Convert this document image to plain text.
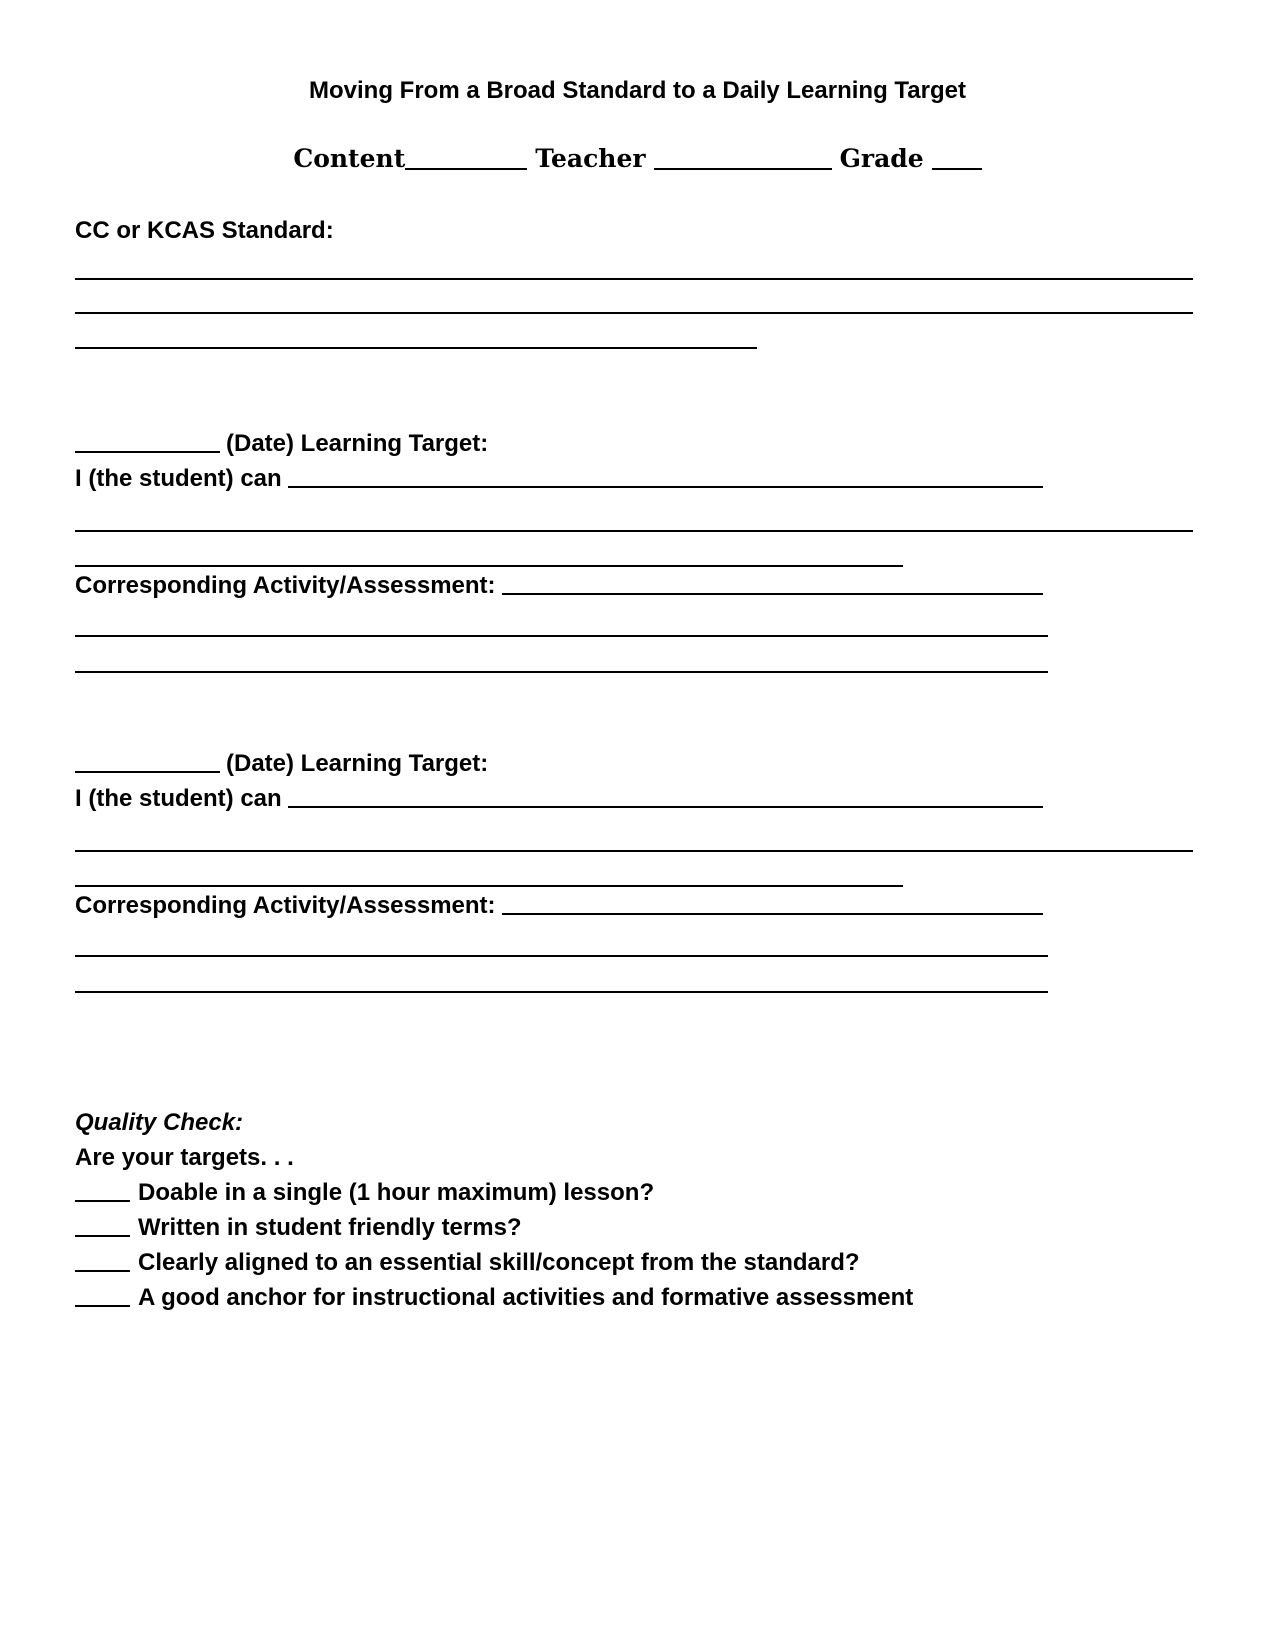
Moving From a Broad Standard to a Daily Learning Target
Content	Teacher	Grade
CC or KCAS Standard:
(Date) Learning Target:
I (the student) can
Corresponding Activity/Assessment:
(Date) Learning Target:
I (the student) can
Corresponding Activity/Assessment:
Quality Check:
Are your targets. . .
Doable in a single (1 hour maximum) lesson?
Written in student friendly terms?
Clearly aligned to an essential skill/concept from the standard?
A good anchor for instructional activities and formative assessment
